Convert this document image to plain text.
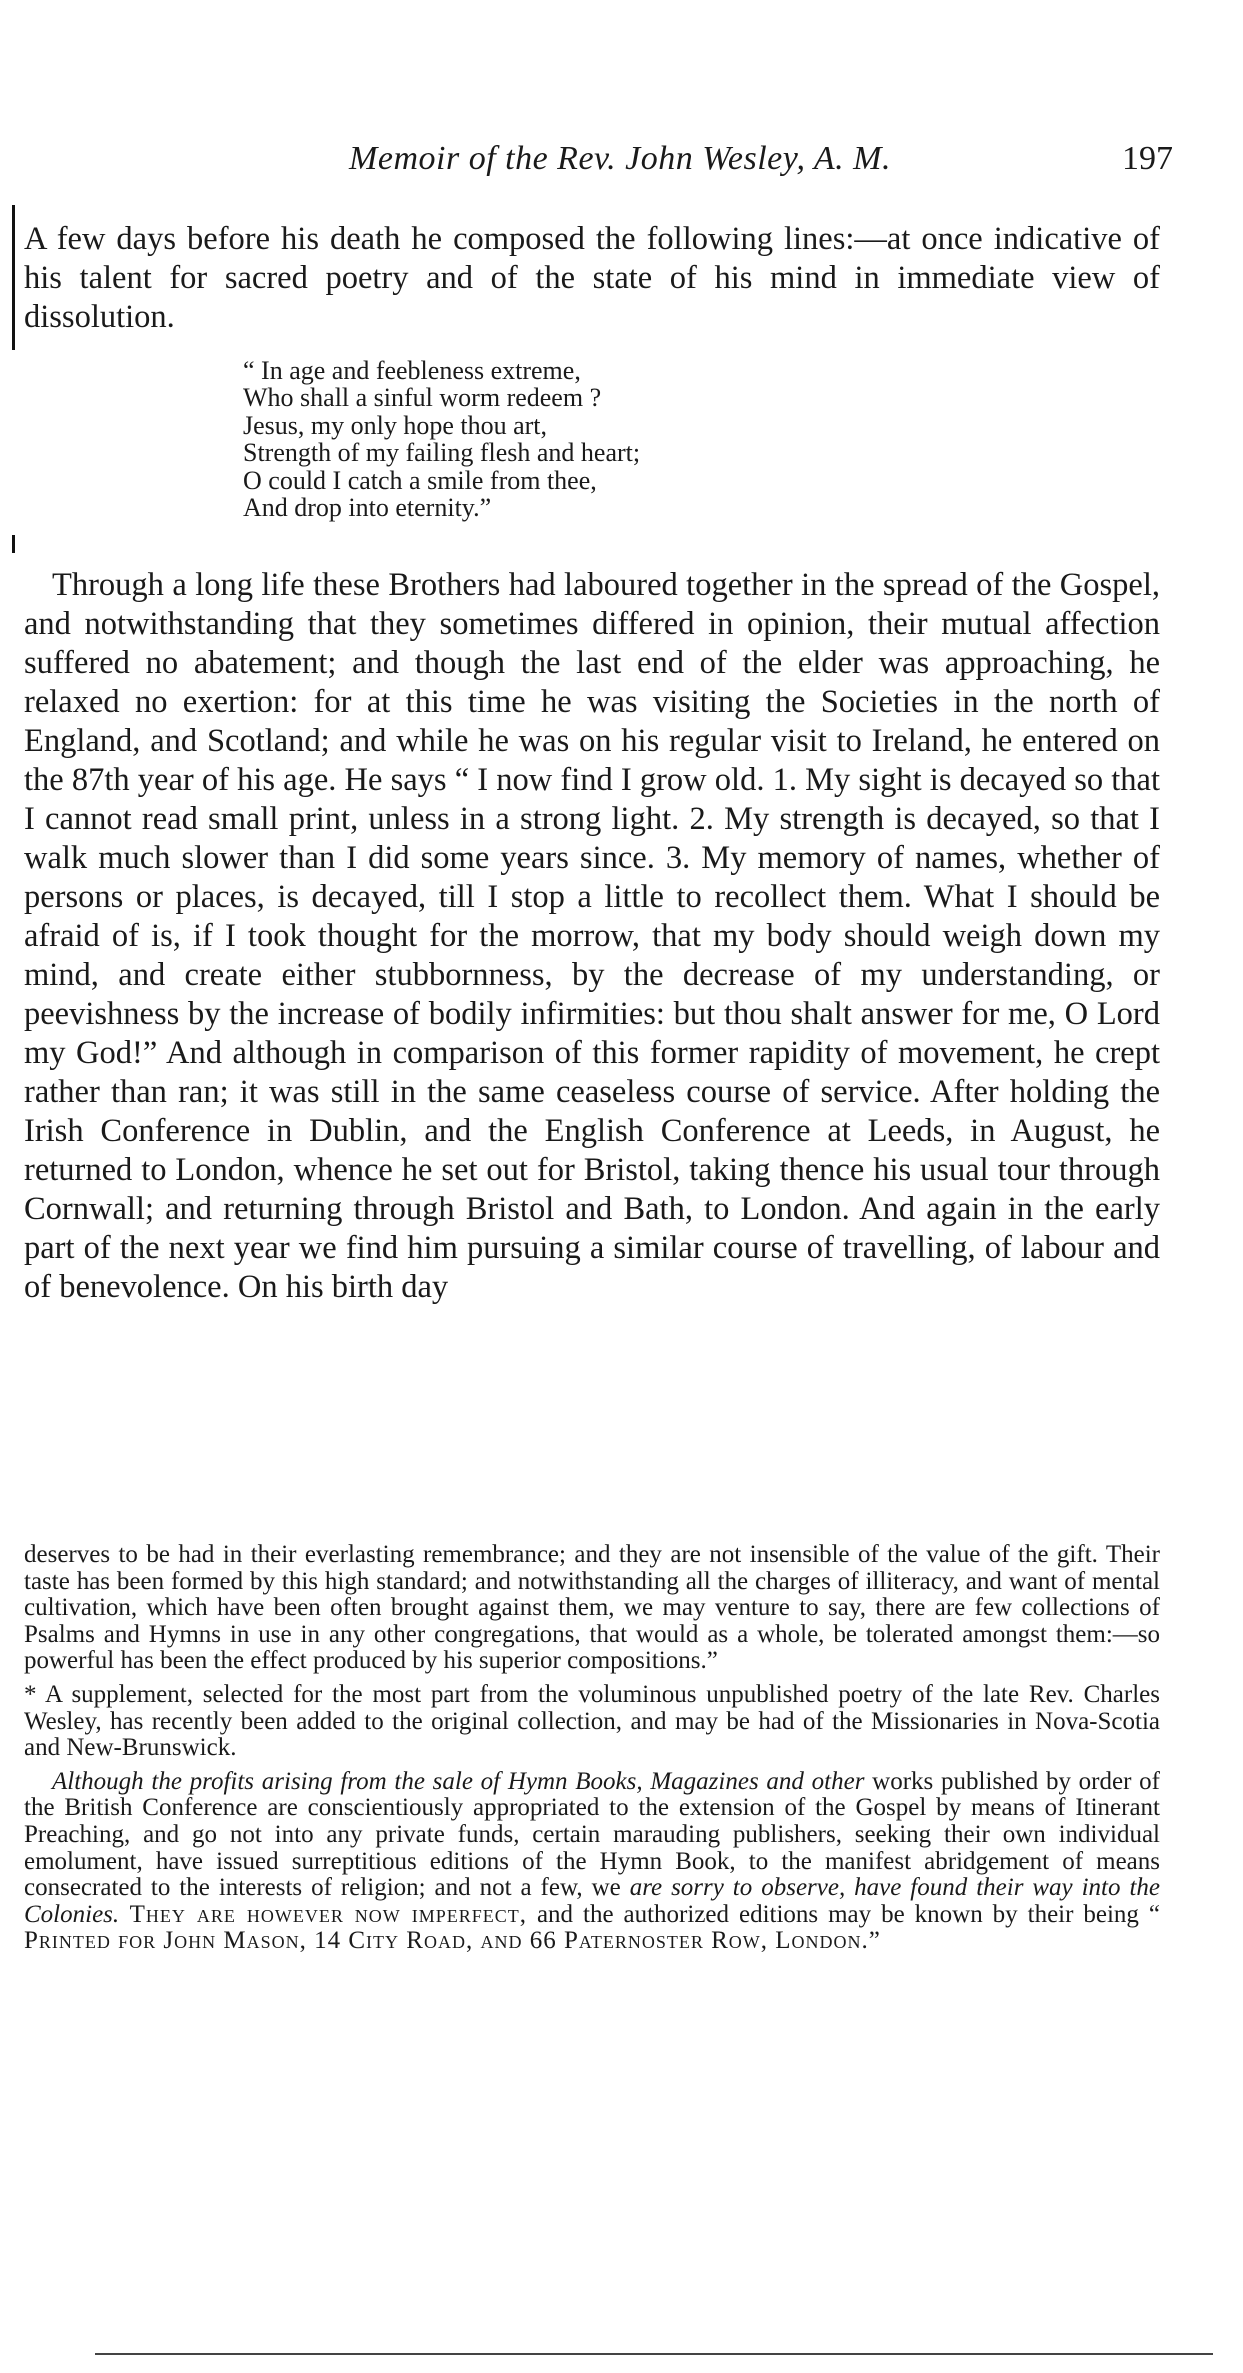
Memoir of the Rev. John Wesley, A. M.	197

A few days before his death he composed the following lines:—at once indicative of his talent for sacred poetry and of the state of his mind in immediate view of dissolution.

“ In age and feebleness extreme,
Who shall a sinful worm redeem ?
Jesus, my only hope thou art,
Strength of my failing flesh and heart;
O could I catch a smile from thee,
And drop into eternity.”

Through a long life these Brothers had laboured together in the spread of the Gospel, and notwithstanding that they sometimes differed in opinion, their mutual affection suffered no abatement; and though the last end of the elder was approaching, he relaxed no exertion: for at this time he was visiting the Societies in the north of England, and Scotland; and while he was on his regular visit to Ireland, he entered on the 87th year of his age. He says “ I now find I grow old. 1. My sight is decayed so that I cannot read small print, unless in a strong light. 2. My strength is decayed, so that I walk much slower than I did some years since. 3. My memory of names, whether of persons or places, is decayed, till I stop a little to recollect them. What I should be afraid of is, if I took thought for the morrow, that my body should weigh down my mind, and create either stubbornness, by the decrease of my understanding, or peevishness by the increase of bodily infirmities: but thou shalt answer for me, O Lord my God!” And although in comparison of this former rapidity of movement, he crept rather than ran; it was still in the same ceaseless course of service. After holding the Irish Conference in Dublin, and the English Conference at Leeds, in August, he returned to London, whence he set out for Bristol, taking thence his usual tour through Cornwall; and returning through Bristol and Bath, to London. And again in the early part of the next year we find him pursuing a similar course of travelling, of labour and of benevolence. On his birth day

deserves to be had in their everlasting remembrance; and they are not insensible of the value of the gift. Their taste has been formed by this high standard; and notwithstanding all the charges of illiteracy, and want of mental cultivation, which have been often brought against them, we may venture to say, there are few collections of Psalms and Hymns in use in any other congregations, that would as a whole, be tolerated amongst them:—so powerful has been the effect produced by his superior compositions.”

* A supplement, selected for the most part from the voluminous unpublished poetry of the late Rev. Charles Wesley, has recently been added to the original collection, and may be had of the Missionaries in Nova-Scotia and New-Brunswick.

Although the profits arising from the sale of Hymn Books, Magazines and other works published by order of the British Conference are conscientiously appropriated to the extension of the Gospel by means of Itinerant Preaching, and go not into any private funds, certain marauding publishers, seeking their own individual emolument, have issued surreptitious editions of the Hymn Book, to the manifest abridgement of means consecrated to the interests of religion; and not a few, we are sorry to observe, have found their way into the Colonies. They are however now imperfect, and the authorized editions may be known by their being “ Printed for John Mason, 14 City Road, and 66 Paternoster Row, London.”
